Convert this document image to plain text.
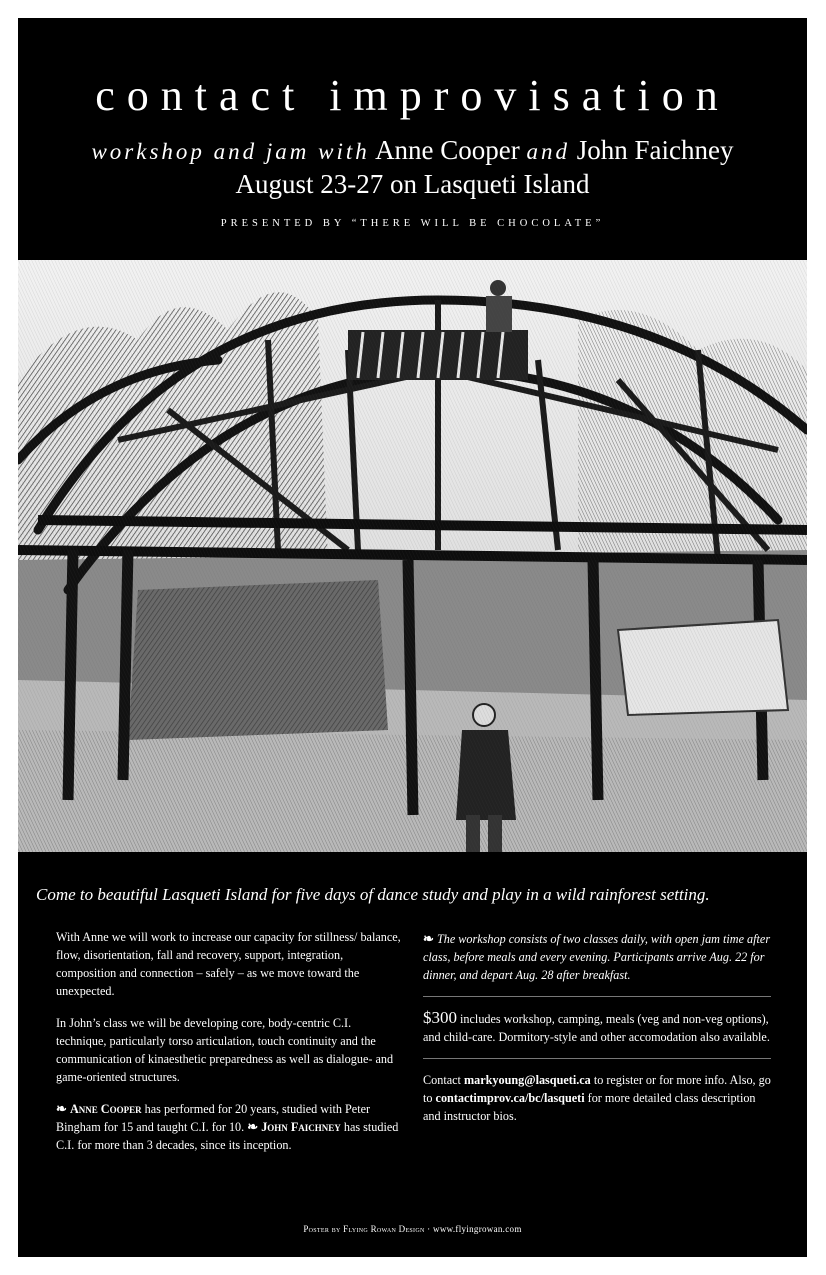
contact improvisation
workshop and jam with Anne Cooper and John Faichney
August 23-27 on Lasqueti Island
PRESENTED BY “THERE WILL BE CHOCOLATE”
Come to beautiful Lasqueti Island for five days of dance study and play in a wild rainforest setting.

With Anne we will work to increase our capacity for stillness/ balance, flow, disorientation, fall and recovery, support, integration, composition and connection – safely – as we move toward the unexpected.

In John’s class we will be developing core, body-centric C.I. technique, particularly torso articulation, touch continuity and the communication of kinaesthetic preparedness as well as dialogue- and game-oriented structures.

❧ Anne Cooper has performed for 20 years, studied with Peter Bingham for 15 and taught C.I. for 10. ❧ John Faichney has studied C.I. for more than 3 decades, since its inception.

❧ The workshop consists of two classes daily, with open jam time after class, before meals and every evening. Participants arrive Aug. 22 for dinner, and depart Aug. 28 after breakfast.

$300 includes workshop, camping, meals (veg and non-veg options), and child-care. Dormitory-style and other accomodation also available.

Contact markyoung@lasqueti.ca to register or for more info. Also, go to contactimprov.ca/bc/lasqueti for more detailed class description and instructor bios.

Poster by Flying Rowan Design · www.flyingrowan.com
